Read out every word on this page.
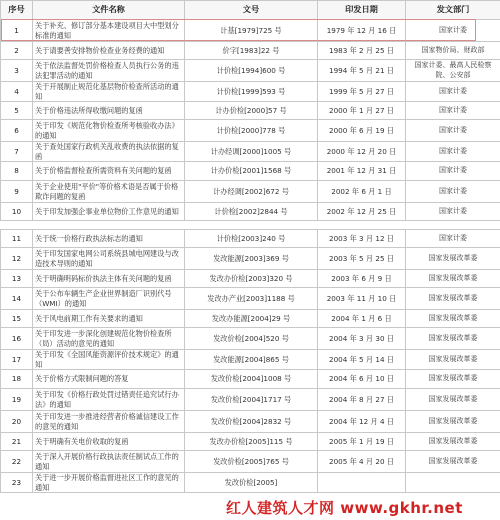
序号	文件名称	文号	印发日期	发文部门
1	关于补充、修订部分基本建设项目大中型划分标准的通知	计基[1979]725 号	1979 年 12 月 16 日	国家计委
2	关于请要善安排物价检查业务经费的通知	价字[1983]22 号	1983 年 2 月 25 日	国家物价局、财政部
3	关于依法监督处罚价格检查人员执行公务的违法犯罪活动的通知	计价检[1994]600 号	1994 年 5 月 21 日	国家计委、最高人民检察院、公安部
4	关于开展制止规范化基层物价检查所活动的通知	计价检[1999]593 号	1999 年 5 月 27 日	国家计委
5	关于价格违法所得收缴问题的复函	计办价检[2000]57 号	2000 年 1 月 27 日	国家计委
6	关于印发《规范化物价检查所考核验收办法》的通知	计价检[2000]778 号	2000 年 6 月 19 日	国家计委
7	关于查处国家行政机关乱收费的执法依据的复函	计办经调[2000]1005 号	2000 年 12 月 20 日	国家计委
8	关于价格监督检查所需资料有关问题的复函	计办价检[2001]1568 号	2001 年 12 月 31 日	国家计委
9	关于企业使用"平价"等价格术语是否属于价格欺诈问题的复函	计办经调[2002]672 号	2002 年 6 月 1 日	国家计委
10	关于印发加强企事业单位物价工作意见的通知	计价检[2002]2844 号	2002 年 12 月 25 日	国家计委

11	关于统一价格行政执法标志的通知	计价检[2003]240 号	2003 年 3 月 12 日	国家计委
12	关于印发国家电网公司系统县城电网建设与改造技术导则的通知	发改能源[2003]369 号	2003 年 5 月 25 日	国家发展改革委
13	关于明确明码标价执法主体有关问题的复函	发改办价检[2003]320 号	2003 年 6 月 9 日	国家发展改革委
14	关于公布车辆生产企业世界制造厂识别代号（WMI）的通知	发改办产业[2003]1188 号	2003 年 11 月 10 日	国家发展改革委
15	关于风电前期工作有关要求的通知	发改办能源[2004]29 号	2004 年 1 月 6 日	国家发展改革委
16	关于印发进一步深化创建规范化物价检查所（局）活动的意见的通知	发改价检[2004]520 号	2004 年 3 月 30 日	国家发展改革委
17	关于印发《全国风能资源评价技术规定》的通知	发改能源[2004]865 号	2004 年 5 月 14 日	国家发展改革委
18	关于价格方式限制问题的答复	发改价检[2004]1008 号	2004 年 6 月 10 日	国家发展改革委
19	关于印发《价格行政处罚过错责任追究试行办法》的通知	发改价检[2004]1717 号	2004 年 8 月 27 日	国家发展改革委
20	关于印发进一步推进经营者价格诚信建设工作的意见的通知	发改价检[2004]2832 号	2004 年 12 月 4 日	国家发展改革委
21	关于明确有关电价收取的复函	发改办价检[2005]115 号	2005 年 1 月 19 日	国家发展改革委
22	关于深入开展价格行政执法责任制试点工作的通知	发改价检[2005]765 号	2005 年 4 月 20 日	国家发展改革委
23	关于进一步开展价格监督进社区工作的意见的通知	发改价检[2005]		
红人建筑人才网 www.gkhr.net
